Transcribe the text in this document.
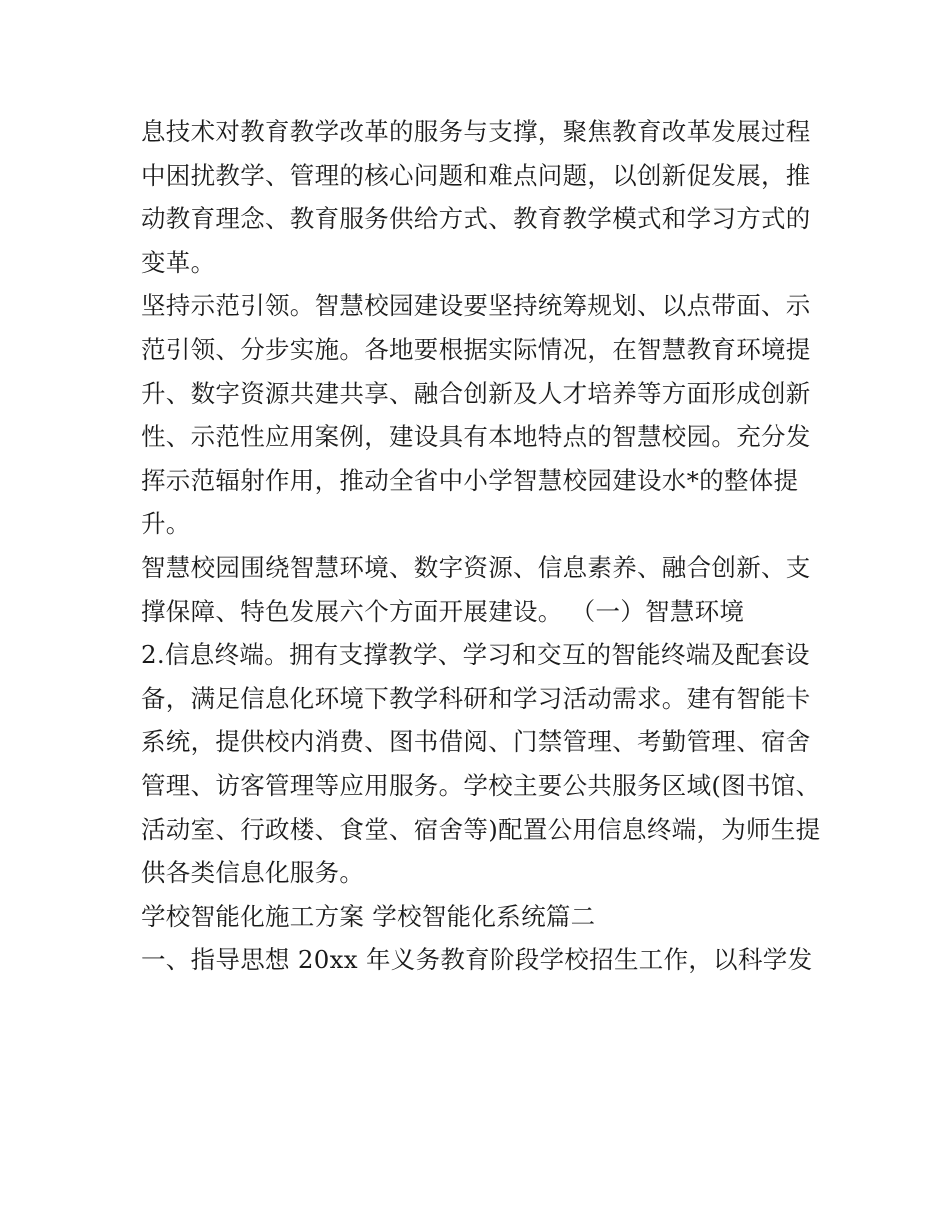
息技术对教育教学改革的服务与支撑，聚焦教育改革发展过程中困扰教学、管理的核心问题和难点问题，以创新促发展，推动教育理念、教育服务供给方式、教育教学模式和学习方式的变革。

坚持示范引领。智慧校园建设要坚持统筹规划、以点带面、示范引领、分步实施。各地要根据实际情况，在智慧教育环境提升、数字资源共建共享、融合创新及人才培养等方面形成创新性、示范性应用案例，建设具有本地特点的智慧校园。充分发挥示范辐射作用，推动全省中小学智慧校园建设水*的整体提升。

智慧校园围绕智慧环境、数字资源、信息素养、融合创新、支撑保障、特色发展六个方面开展建设。 （一）智慧环境

2.信息终端。拥有支撑教学、学习和交互的智能终端及配套设备，满足信息化环境下教学科研和学习活动需求。建有智能卡系统，提供校内消费、图书借阅、门禁管理、考勤管理、宿舍管理、访客管理等应用服务。学校主要公共服务区域(图书馆、活动室、行政楼、食堂、宿舍等)配置公用信息终端，为师生提供各类信息化服务。

学校智能化施工方案 学校智能化系统篇二

一、指导思想 20xx 年义务教育阶段学校招生工作，以科学发
